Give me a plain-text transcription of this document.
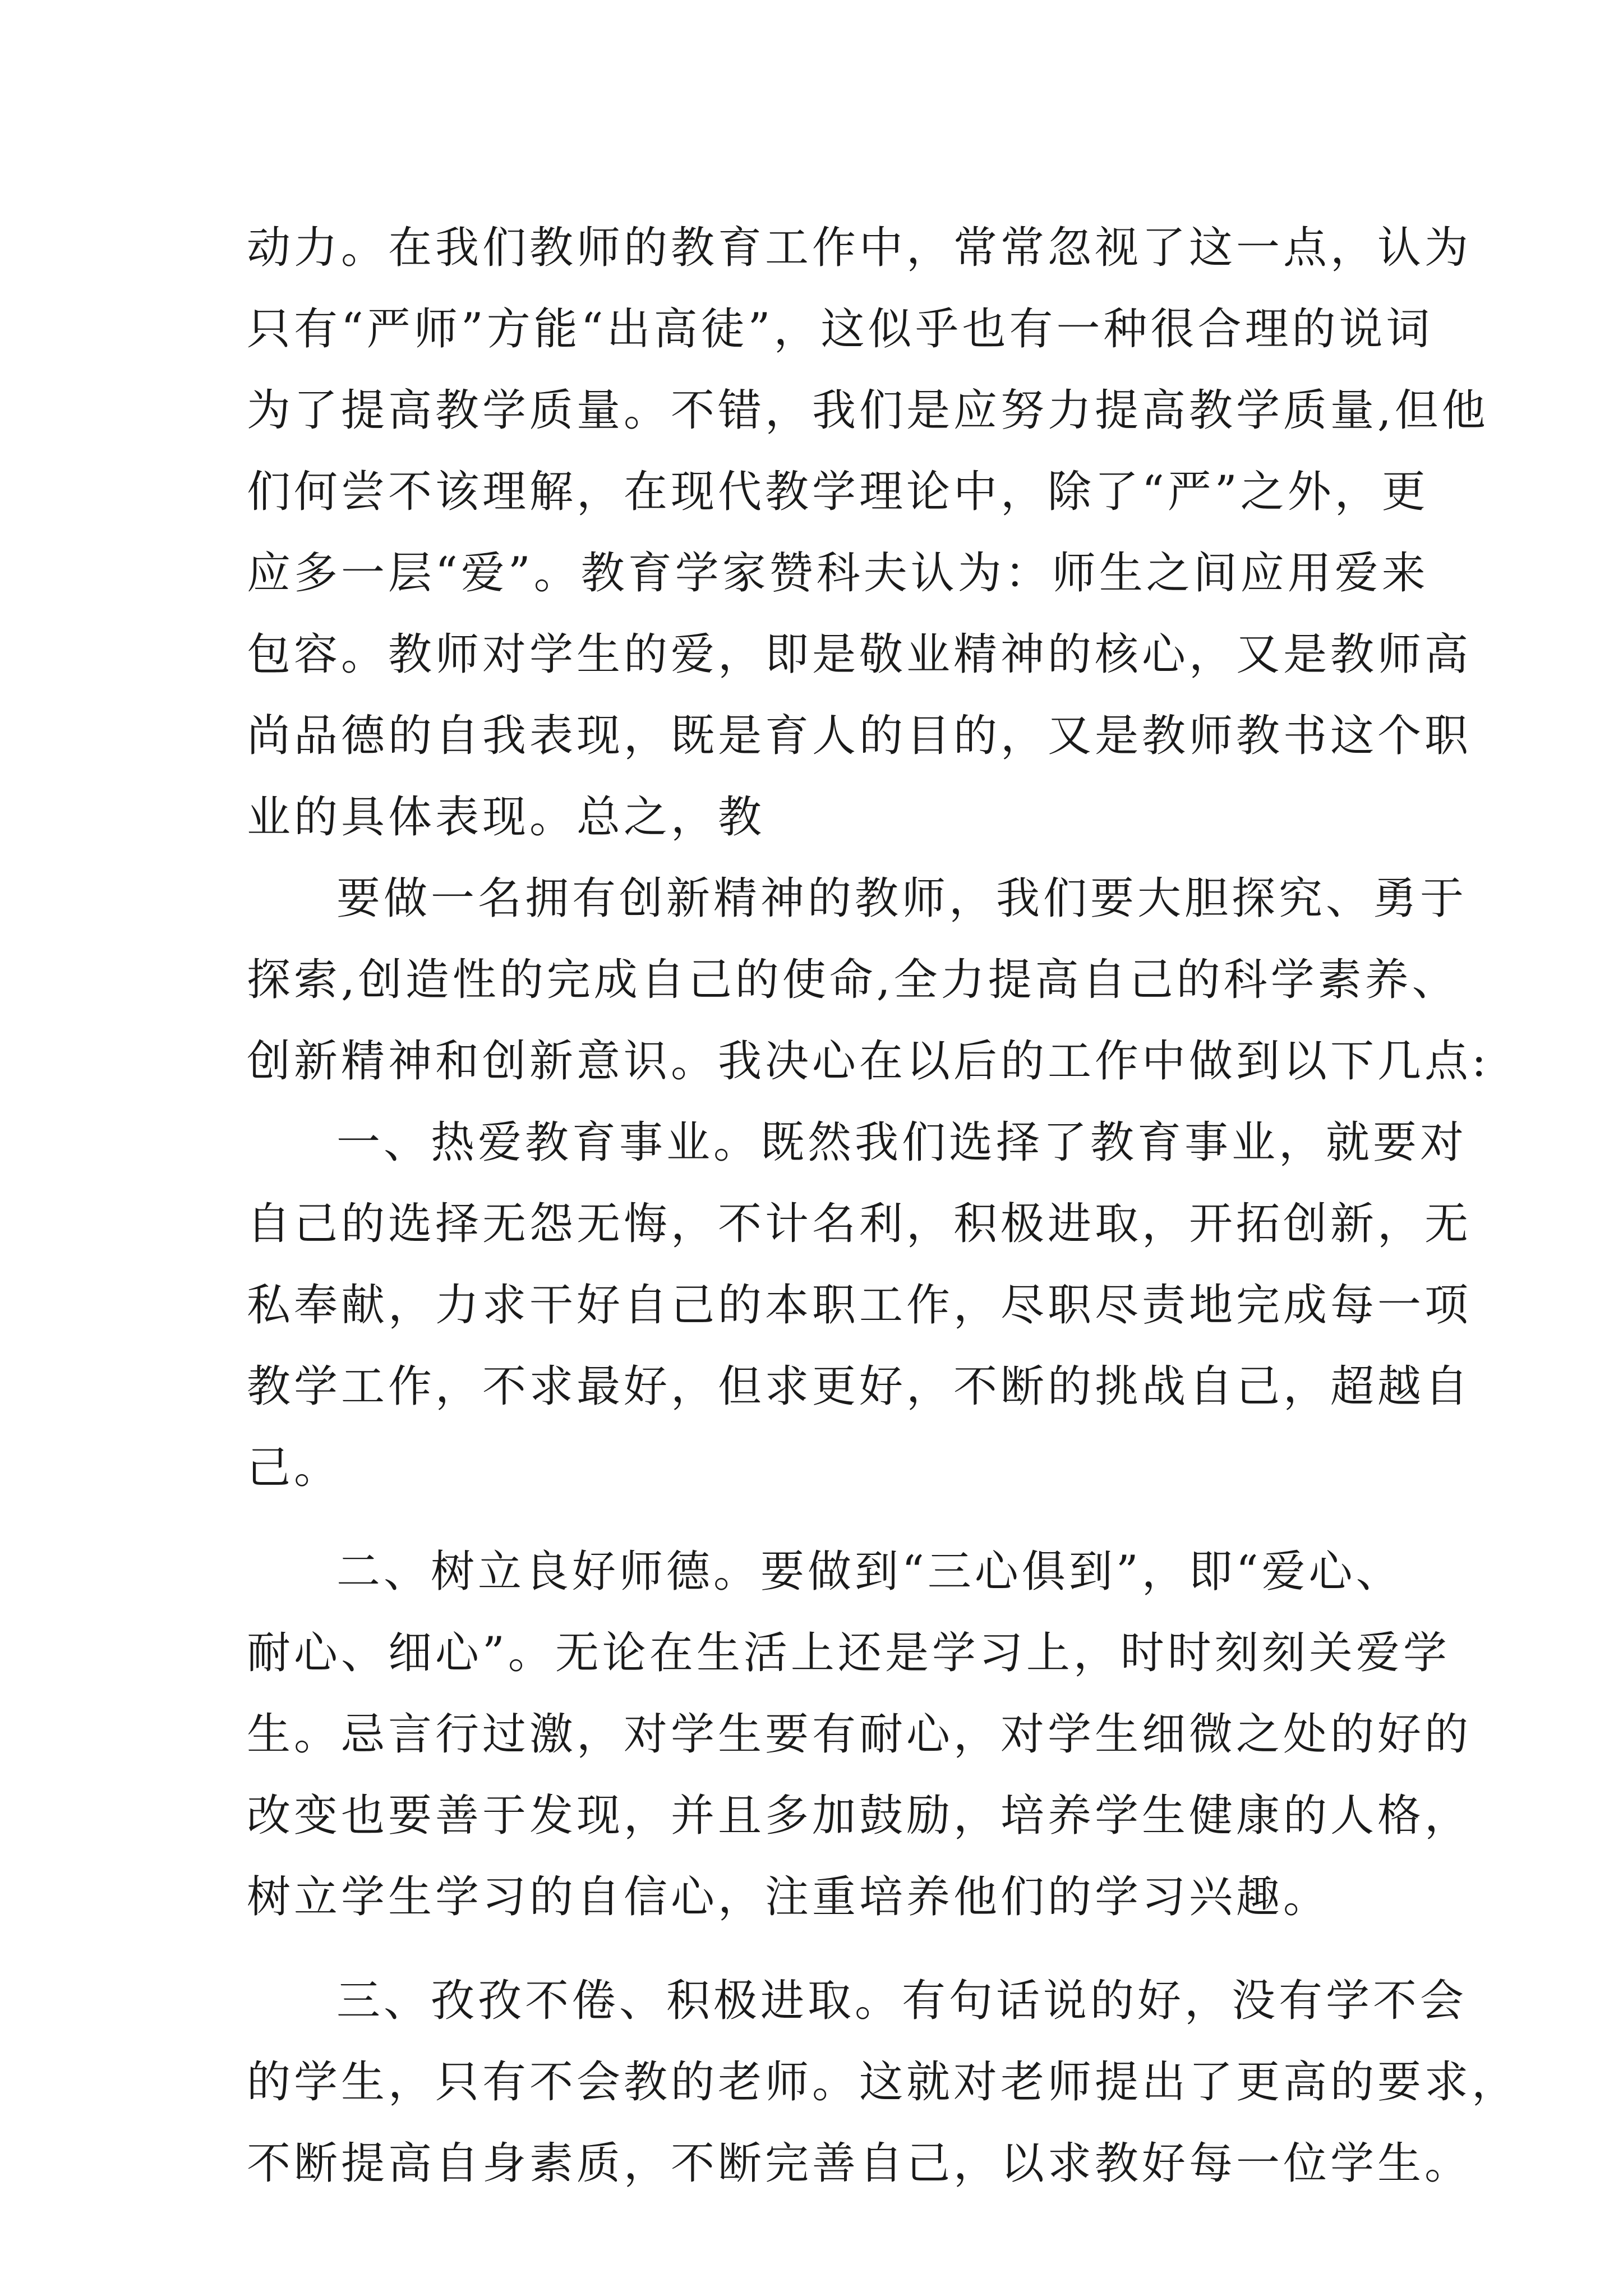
动力。在我们教师的教育工作中，常常忽视了这一点，认为
只有“严师”方能“出高徒”，这似乎也有一种很合理的说词
为了提高教学质量。不错，我们是应努力提高教学质量,但他
们何尝不该理解，在现代教学理论中，除了“严”之外，更
应多一层“爱”。教育学家赞科夫认为：师生之间应用爱来
包容。教师对学生的爱，即是敬业精神的核心，又是教师高
尚品德的自我表现，既是育人的目的，又是教师教书这个职
业的具体表现。总之，教
要做一名拥有创新精神的教师，我们要大胆探究、勇于
探索,创造性的完成自己的使命,全力提高自己的科学素养、
创新精神和创新意识。我决心在以后的工作中做到以下几点:
一、热爱教育事业。既然我们选择了教育事业，就要对
自己的选择无怨无悔，不计名利，积极进取，开拓创新，无
私奉献，力求干好自己的本职工作，尽职尽责地完成每一项
教学工作，不求最好，但求更好，不断的挑战自己，超越自
己。
二、树立良好师德。要做到“三心俱到”，即“爱心、
耐心、细心”。无论在生活上还是学习上，时时刻刻关爱学
生。忌言行过激，对学生要有耐心，对学生细微之处的好的
改变也要善于发现，并且多加鼓励，培养学生健康的人格，
树立学生学习的自信心，注重培养他们的学习兴趣。
三、孜孜不倦、积极进取。有句话说的好，没有学不会
的学生，只有不会教的老师。这就对老师提出了更高的要求，
不断提高自身素质，不断完善自己，以求教好每一位学生。
